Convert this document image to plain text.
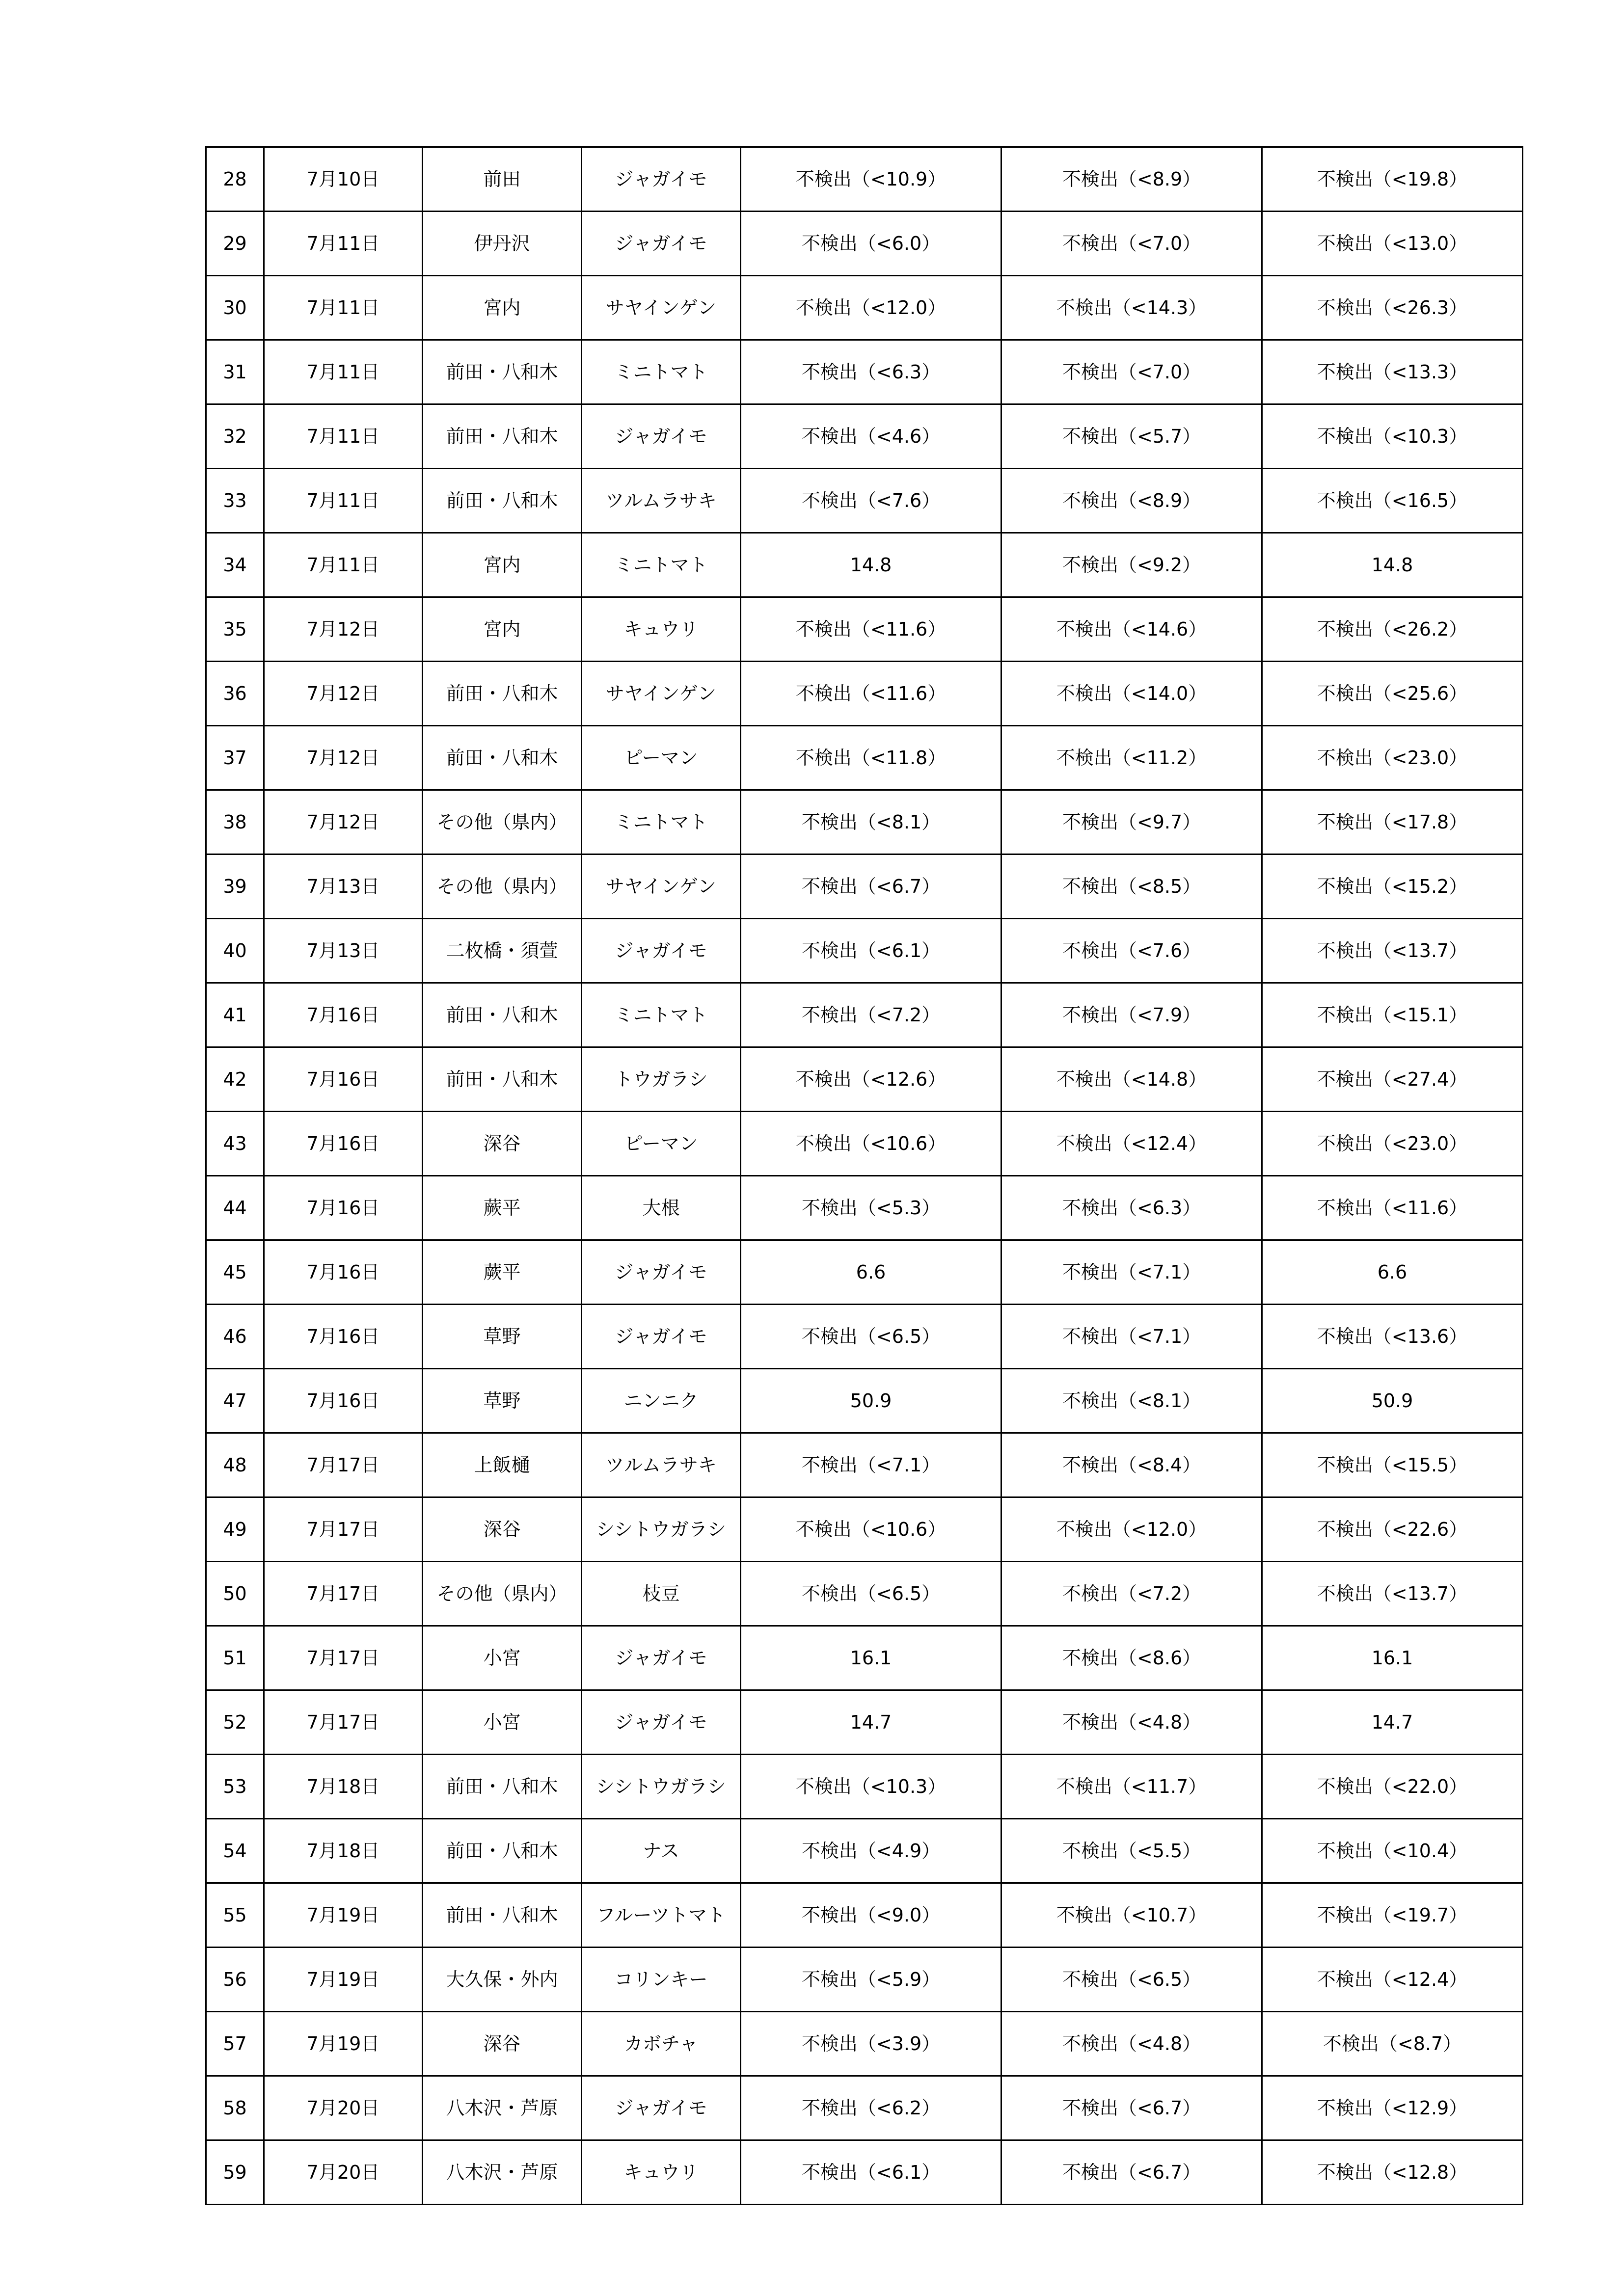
28	7月10日	前田	ジャガイモ	不検出（<10.9）	不検出（<8.9）	不検出（<19.8）
29	7月11日	伊丹沢	ジャガイモ	不検出（<6.0）	不検出（<7.0）	不検出（<13.0）
30	7月11日	宮内	サヤインゲン	不検出（<12.0）	不検出（<14.3）	不検出（<26.3）
31	7月11日	前田・八和木	ミニトマト	不検出（<6.3）	不検出（<7.0）	不検出（<13.3）
32	7月11日	前田・八和木	ジャガイモ	不検出（<4.6）	不検出（<5.7）	不検出（<10.3）
33	7月11日	前田・八和木	ツルムラサキ	不検出（<7.6）	不検出（<8.9）	不検出（<16.5）
34	7月11日	宮内	ミニトマト	14.8	不検出（<9.2）	14.8
35	7月12日	宮内	キュウリ	不検出（<11.6）	不検出（<14.6）	不検出（<26.2）
36	7月12日	前田・八和木	サヤインゲン	不検出（<11.6）	不検出（<14.0）	不検出（<25.6）
37	7月12日	前田・八和木	ピーマン	不検出（<11.8）	不検出（<11.2）	不検出（<23.0）
38	7月12日	その他（県内）	ミニトマト	不検出（<8.1）	不検出（<9.7）	不検出（<17.8）
39	7月13日	その他（県内）	サヤインゲン	不検出（<6.7）	不検出（<8.5）	不検出（<15.2）
40	7月13日	二枚橋・須萱	ジャガイモ	不検出（<6.1）	不検出（<7.6）	不検出（<13.7）
41	7月16日	前田・八和木	ミニトマト	不検出（<7.2）	不検出（<7.9）	不検出（<15.1）
42	7月16日	前田・八和木	トウガラシ	不検出（<12.6）	不検出（<14.8）	不検出（<27.4）
43	7月16日	深谷	ピーマン	不検出（<10.6）	不検出（<12.4）	不検出（<23.0）
44	7月16日	蕨平	大根	不検出（<5.3）	不検出（<6.3）	不検出（<11.6）
45	7月16日	蕨平	ジャガイモ	6.6	不検出（<7.1）	6.6
46	7月16日	草野	ジャガイモ	不検出（<6.5）	不検出（<7.1）	不検出（<13.6）
47	7月16日	草野	ニンニク	50.9	不検出（<8.1）	50.9
48	7月17日	上飯樋	ツルムラサキ	不検出（<7.1）	不検出（<8.4）	不検出（<15.5）
49	7月17日	深谷	シシトウガラシ	不検出（<10.6）	不検出（<12.0）	不検出（<22.6）
50	7月17日	その他（県内）	枝豆	不検出（<6.5）	不検出（<7.2）	不検出（<13.7）
51	7月17日	小宮	ジャガイモ	16.1	不検出（<8.6）	16.1
52	7月17日	小宮	ジャガイモ	14.7	不検出（<4.8）	14.7
53	7月18日	前田・八和木	シシトウガラシ	不検出（<10.3）	不検出（<11.7）	不検出（<22.0）
54	7月18日	前田・八和木	ナス	不検出（<4.9）	不検出（<5.5）	不検出（<10.4）
55	7月19日	前田・八和木	フルーツトマト	不検出（<9.0）	不検出（<10.7）	不検出（<19.7）
56	7月19日	大久保・外内	コリンキー	不検出（<5.9）	不検出（<6.5）	不検出（<12.4）
57	7月19日	深谷	カボチャ	不検出（<3.9）	不検出（<4.8）	不検出（<8.7）
58	7月20日	八木沢・芦原	ジャガイモ	不検出（<6.2）	不検出（<6.7）	不検出（<12.9）
59	7月20日	八木沢・芦原	キュウリ	不検出（<6.1）	不検出（<6.7）	不検出（<12.8）
